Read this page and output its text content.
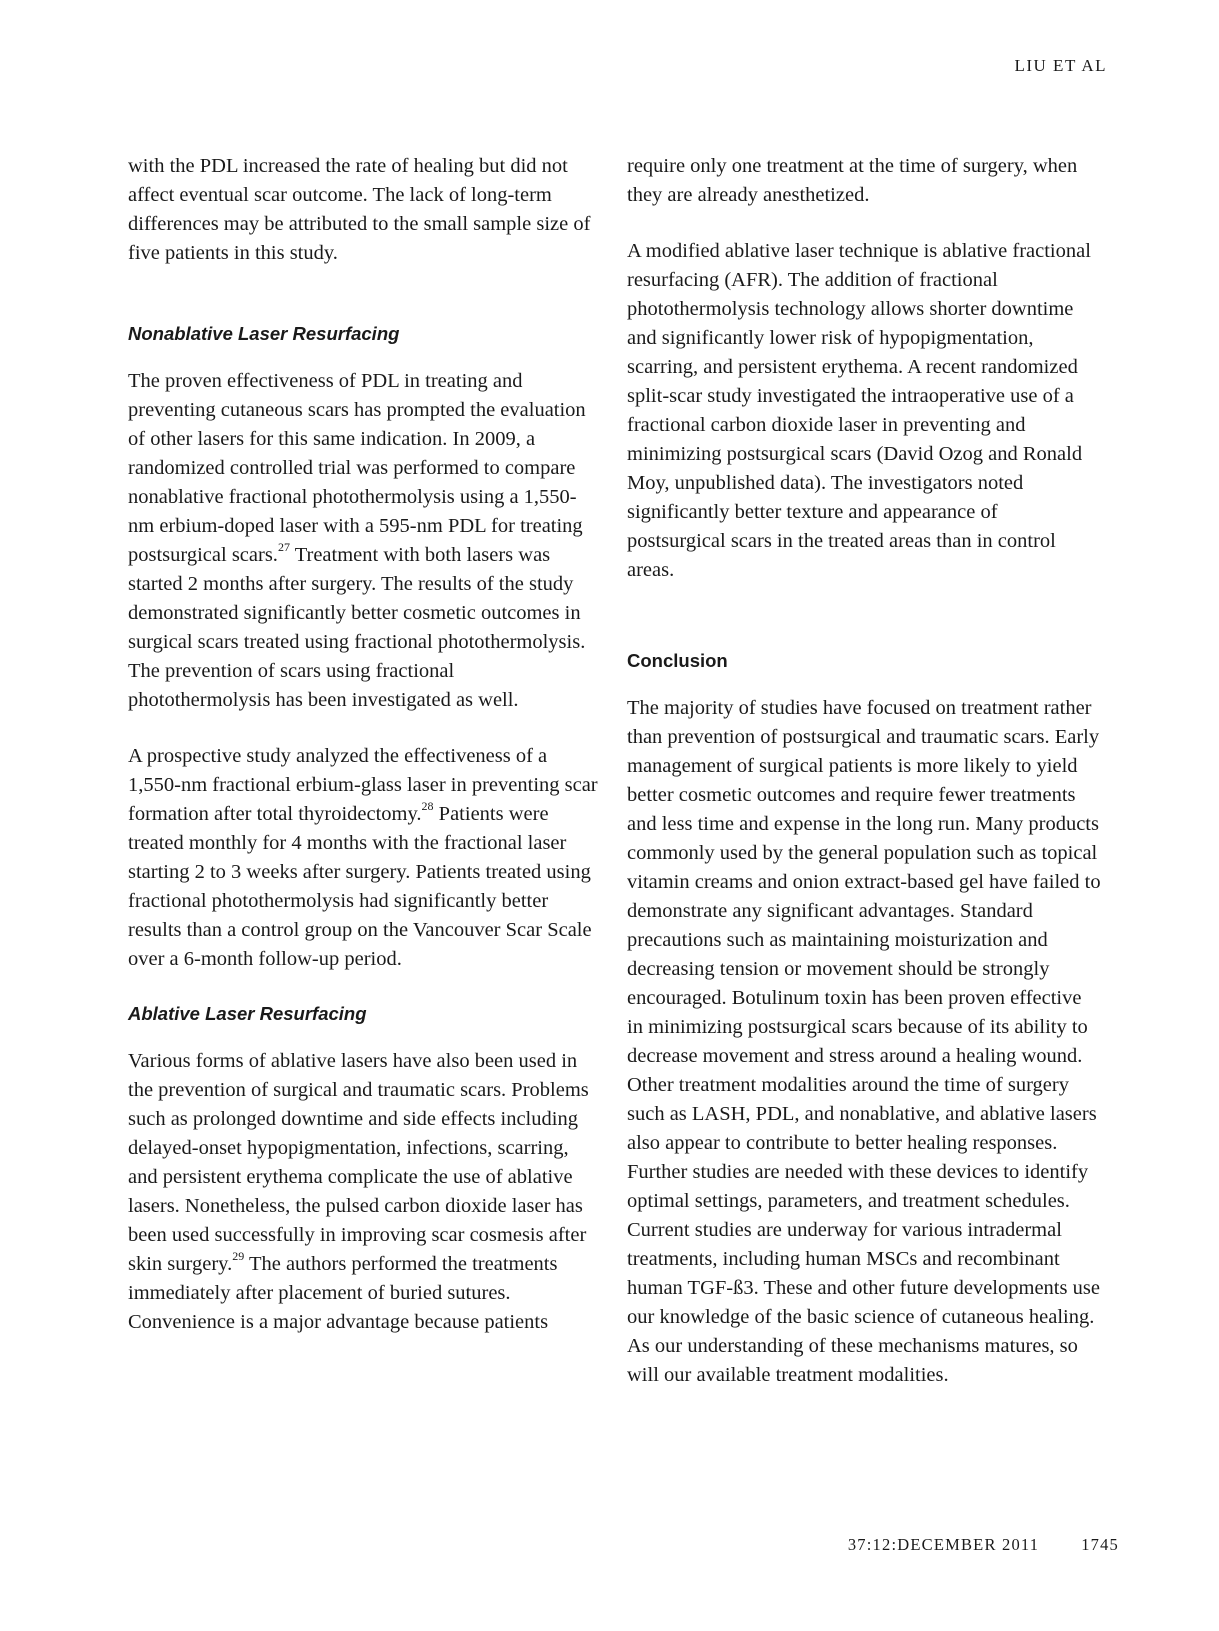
LIU ET AL

with the PDL increased the rate of healing but did not affect eventual scar outcome. The lack of long-term differences may be attributed to the small sample size of five patients in this study.

Nonablative Laser Resurfacing

The proven effectiveness of PDL in treating and preventing cutaneous scars has prompted the evaluation of other lasers for this same indication. In 2009, a randomized controlled trial was performed to compare nonablative fractional photothermolysis using a 1,550-nm erbium-doped laser with a 595-nm PDL for treating postsurgical scars.$^{27}$ Treatment with both lasers was started 2 months after surgery. The results of the study demonstrated significantly better cosmetic outcomes in surgical scars treated using fractional photothermolysis. The prevention of scars using fractional photothermolysis has been investigated as well.

A prospective study analyzed the effectiveness of a 1,550-nm fractional erbium-glass laser in preventing scar formation after total thyroidectomy.$^{28}$ Patients were treated monthly for 4 months with the fractional laser starting 2 to 3 weeks after surgery. Patients treated using fractional photothermolysis had significantly better results than a control group on the Vancouver Scar Scale over a 6-month follow-up period.

Ablative Laser Resurfacing

Various forms of ablative lasers have also been used in the prevention of surgical and traumatic scars. Problems such as prolonged downtime and side effects including delayed-onset hypopigmentation, infections, scarring, and persistent erythema complicate the use of ablative lasers. Nonetheless, the pulsed carbon dioxide laser has been used successfully in improving scar cosmesis after skin surgery.$^{29}$ The authors performed the treatments immediately after placement of buried sutures. Convenience is a major advantage because patients

require only one treatment at the time of surgery, when they are already anesthetized.

A modified ablative laser technique is ablative fractional resurfacing (AFR). The addition of fractional photothermolysis technology allows shorter downtime and significantly lower risk of hypopigmentation, scarring, and persistent erythema. A recent randomized split-scar study investigated the intraoperative use of a fractional carbon dioxide laser in preventing and minimizing postsurgical scars (David Ozog and Ronald Moy, unpublished data). The investigators noted significantly better texture and appearance of postsurgical scars in the treated areas than in control areas.

Conclusion

The majority of studies have focused on treatment rather than prevention of postsurgical and traumatic scars. Early management of surgical patients is more likely to yield better cosmetic outcomes and require fewer treatments and less time and expense in the long run. Many products commonly used by the general population such as topical vitamin creams and onion extract-based gel have failed to demonstrate any significant advantages. Standard precautions such as maintaining moisturization and decreasing tension or movement should be strongly encouraged. Botulinum toxin has been proven effective in minimizing postsurgical scars because of its ability to decrease movement and stress around a healing wound. Other treatment modalities around the time of surgery such as LASH, PDL, and nonablative, and ablative lasers also appear to contribute to better healing responses. Further studies are needed with these devices to identify optimal settings, parameters, and treatment schedules. Current studies are underway for various intradermal treatments, including human MSCs and recombinant human TGF-ß3. These and other future developments use our knowledge of the basic science of cutaneous healing. As our understanding of these mechanisms matures, so will our available treatment modalities.

37:12:DECEMBER 2011	1745
